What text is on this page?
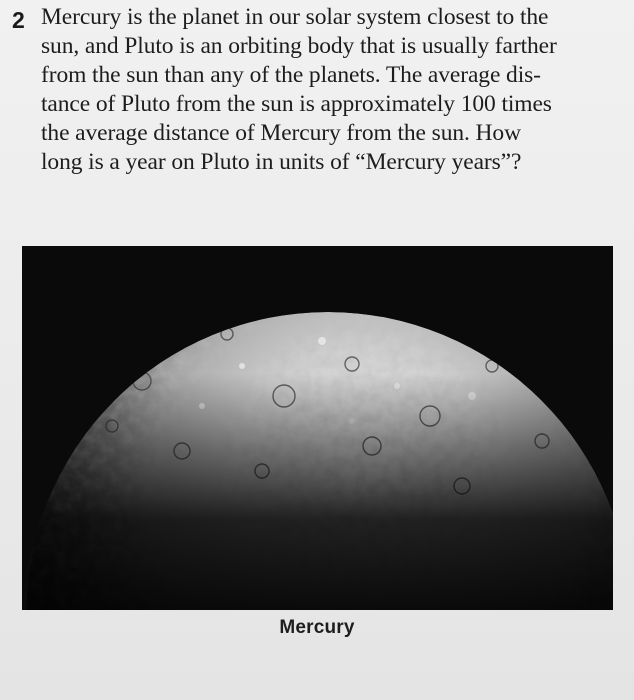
2 Mercury is the planet in our solar system closest to the
sun, and Pluto is an orbiting body that is usually farther
from the sun than any of the planets. The average dis-
tance of Pluto from the sun is approximately 100 times
the average distance of Mercury from the sun. How
long is a year on Pluto in units of “Mercury years”?
Mercury
